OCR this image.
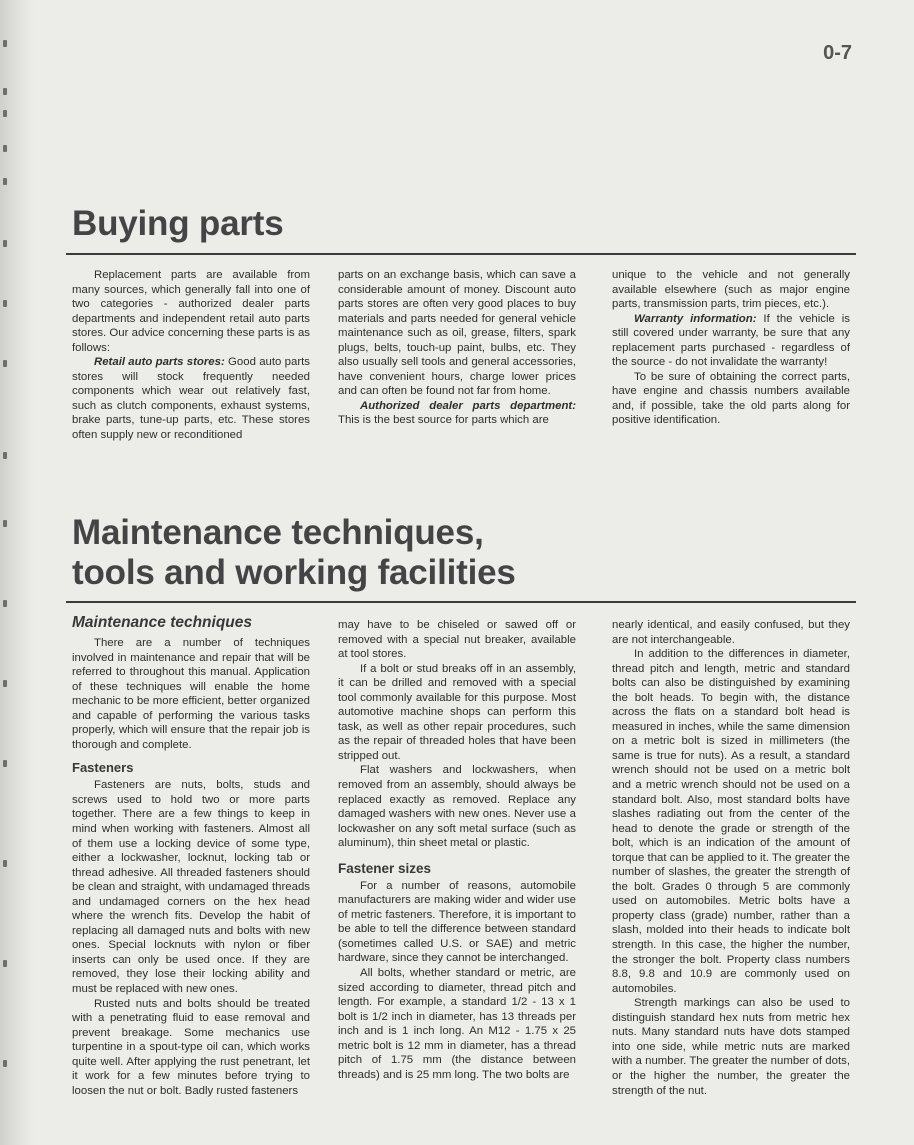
0-7

Buying parts

Replacement parts are available from many sources, which generally fall into one of two categories - authorized dealer parts departments and independent retail auto parts stores. Our advice concerning these parts is as follows:

Retail auto parts stores: Good auto parts stores will stock frequently needed components which wear out relatively fast, such as clutch components, exhaust systems, brake parts, tune-up parts, etc. These stores often supply new or reconditioned

parts on an exchange basis, which can save a considerable amount of money. Discount auto parts stores are often very good places to buy materials and parts needed for general vehicle maintenance such as oil, grease, filters, spark plugs, belts, touch-up paint, bulbs, etc. They also usually sell tools and general accessories, have convenient hours, charge lower prices and can often be found not far from home.

Authorized dealer parts department: This is the best source for parts which are

unique to the vehicle and not generally available elsewhere (such as major engine parts, transmission parts, trim pieces, etc.).

Warranty information: If the vehicle is still covered under warranty, be sure that any replacement parts purchased - regardless of the source - do not invalidate the warranty!

To be sure of obtaining the correct parts, have engine and chassis numbers available and, if possible, take the old parts along for positive identification.

Maintenance techniques,
tools and working facilities
Maintenance techniques

There are a number of techniques involved in maintenance and repair that will be referred to throughout this manual. Application of these techniques will enable the home mechanic to be more efficient, better organized and capable of performing the various tasks properly, which will ensure that the repair job is thorough and complete.

Fasteners

Fasteners are nuts, bolts, studs and screws used to hold two or more parts together. There are a few things to keep in mind when working with fasteners. Almost all of them use a locking device of some type, either a lockwasher, locknut, locking tab or thread adhesive. All threaded fasteners should be clean and straight, with undamaged threads and undamaged corners on the hex head where the wrench fits. Develop the habit of replacing all damaged nuts and bolts with new ones. Special locknuts with nylon or fiber inserts can only be used once. If they are removed, they lose their locking ability and must be replaced with new ones.

Rusted nuts and bolts should be treated with a penetrating fluid to ease removal and prevent breakage. Some mechanics use turpentine in a spout-type oil can, which works quite well. After applying the rust penetrant, let it work for a few minutes before trying to loosen the nut or bolt. Badly rusted fasteners

may have to be chiseled or sawed off or removed with a special nut breaker, available at tool stores.

If a bolt or stud breaks off in an assembly, it can be drilled and removed with a special tool commonly available for this purpose. Most automotive machine shops can perform this task, as well as other repair procedures, such as the repair of threaded holes that have been stripped out.

Flat washers and lockwashers, when removed from an assembly, should always be replaced exactly as removed. Replace any damaged washers with new ones. Never use a lockwasher on any soft metal surface (such as aluminum), thin sheet metal or plastic.

Fastener sizes

For a number of reasons, automobile manufacturers are making wider and wider use of metric fasteners. Therefore, it is important to be able to tell the difference between standard (sometimes called U.S. or SAE) and metric hardware, since they cannot be interchanged.

All bolts, whether standard or metric, are sized according to diameter, thread pitch and length. For example, a standard 1/2 - 13 x 1 bolt is 1/2 inch in diameter, has 13 threads per inch and is 1 inch long. An M12 - 1.75 x 25 metric bolt is 12 mm in diameter, has a thread pitch of 1.75 mm (the distance between threads) and is 25 mm long. The two bolts are

nearly identical, and easily confused, but they are not interchangeable.

In addition to the differences in diameter, thread pitch and length, metric and standard bolts can also be distinguished by examining the bolt heads. To begin with, the distance across the flats on a standard bolt head is measured in inches, while the same dimension on a metric bolt is sized in millimeters (the same is true for nuts). As a result, a standard wrench should not be used on a metric bolt and a metric wrench should not be used on a standard bolt. Also, most standard bolts have slashes radiating out from the center of the head to denote the grade or strength of the bolt, which is an indication of the amount of torque that can be applied to it. The greater the number of slashes, the greater the strength of the bolt. Grades 0 through 5 are commonly used on automobiles. Metric bolts have a property class (grade) number, rather than a slash, molded into their heads to indicate bolt strength. In this case, the higher the number, the stronger the bolt. Property class numbers 8.8, 9.8 and 10.9 are commonly used on automobiles.

Strength markings can also be used to distinguish standard hex nuts from metric hex nuts. Many standard nuts have dots stamped into one side, while metric nuts are marked with a number. The greater the number of dots, or the higher the number, the greater the strength of the nut.
